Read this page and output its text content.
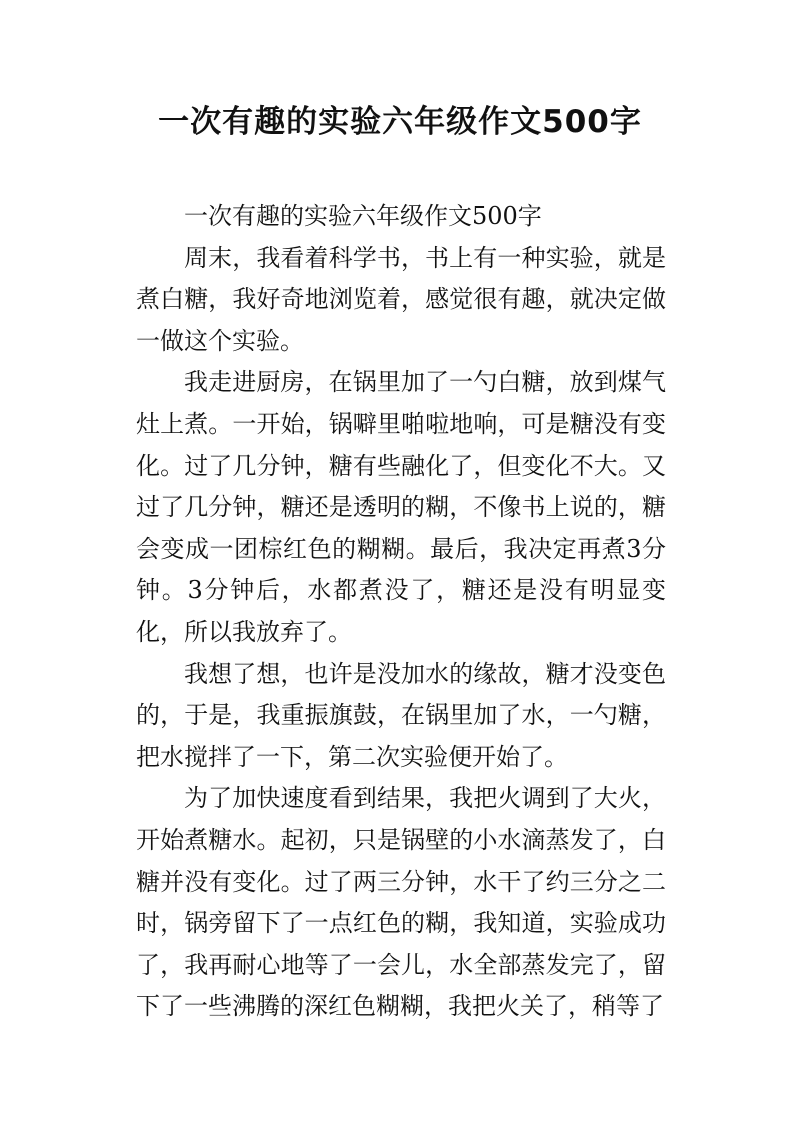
一次有趣的实验六年级作文500字

一次有趣的实验六年级作文500字

周末，我看着科学书，书上有一种实验，就是煮白糖，我好奇地浏览着，感觉很有趣，就决定做一做这个实验。

我走进厨房，在锅里加了一勺白糖，放到煤气灶上煮。一开始，锅噼里啪啦地响，可是糖没有变化。过了几分钟，糖有些融化了，但变化不大。又过了几分钟，糖还是透明的糊，不像书上说的，糖会变成一团棕红色的糊糊。最后，我决定再煮3分钟。3分钟后，水都煮没了，糖还是没有明显变化，所以我放弃了。

我想了想，也许是没加水的缘故，糖才没变色的，于是，我重振旗鼓，在锅里加了水，一勺糖，把水搅拌了一下，第二次实验便开始了。

为了加快速度看到结果，我把火调到了大火，开始煮糖水。起初，只是锅壁的小水滴蒸发了，白糖并没有变化。过了两三分钟，水干了约三分之二时，锅旁留下了一点红色的糊，我知道，实验成功了，我再耐心地等了一会儿，水全部蒸发完了，留下了一些沸腾的深红色糊糊，我把火关了，稍等了
